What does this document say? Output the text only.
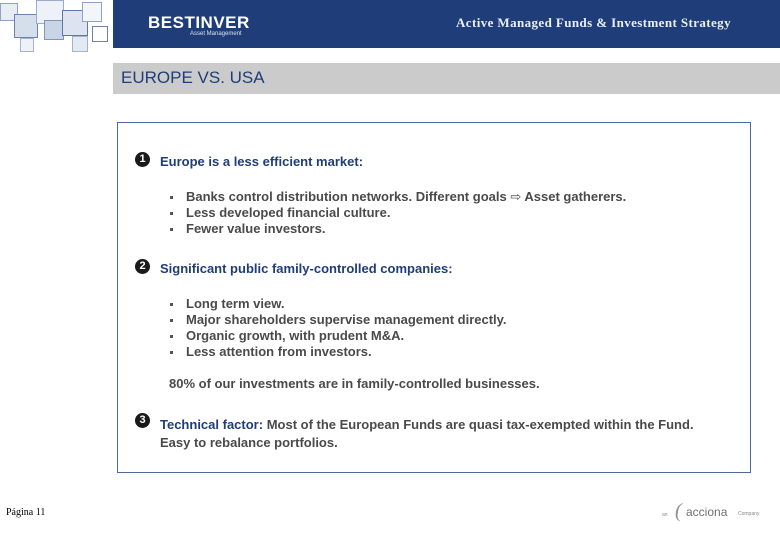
BESTINVER
Asset Management
Active Managed Funds & Investment Strategy
EUROPE VS. USA
1	Europe is a less efficient market:
Banks control distribution networks. Different goals ⇨ Asset gatherers.
Less developed financial culture.
Fewer value investors.
2	Significant public family-controlled companies:
Long term view.
Major shareholders supervise management directly.
Organic growth, with prudent M&A.
Less attention from investors.
80% of our investments are in family-controlled businesses.
3	Technical factor: Most of the European Funds are quasi tax-exempted within the Fund.
Easy to rebalance portfolios.
Página 11	an ( acciona Company
